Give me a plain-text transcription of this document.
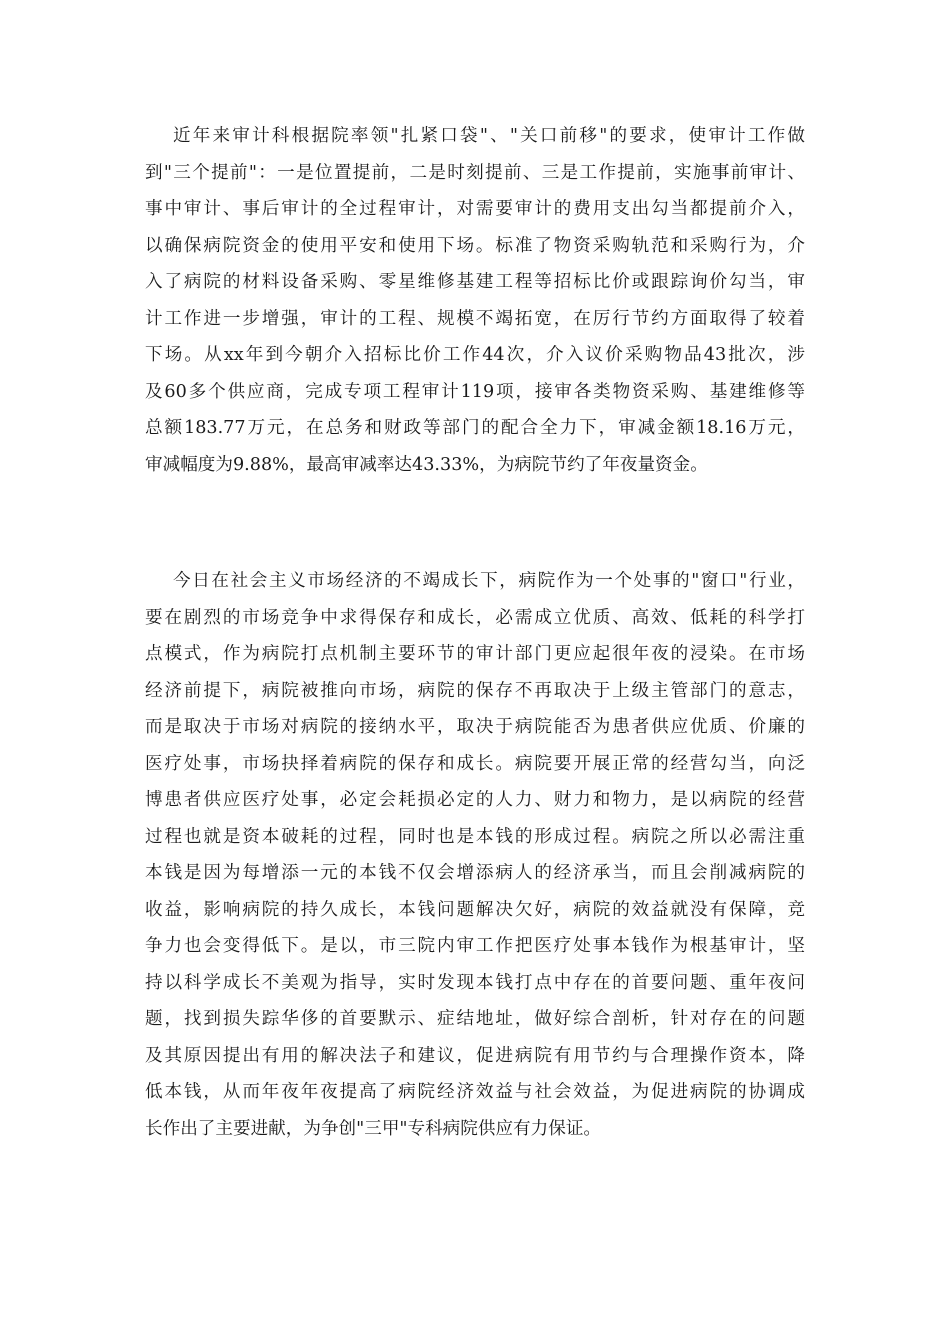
近年来审计科根据院率领"扎紧口袋"、"关口前移"的要求，使审计工作做
到"三个提前"：一是位置提前，二是时刻提前、三是工作提前，实施事前审计、
事中审计、事后审计的全过程审计，对需要审计的费用支出勾当都提前介入，
以确保病院资金的使用平安和使用下场。标准了物资采购轨范和采购行为，介
入了病院的材料设备采购、零星维修基建工程等招标比价或跟踪询价勾当，审
计工作进一步增强，审计的工程、规模不竭拓宽，在厉行节约方面取得了较着
下场。从xx年到今朝介入招标比价工作44次，介入议价采购物品43批次，涉
及60多个供应商，完成专项工程审计119项，接审各类物资采购、基建维修等
总额183.77万元，在总务和财政等部门的配合全力下，审减金额18.16万元，
审减幅度为9.88%，最高审减率达43.33%，为病院节约了年夜量资金。
今日在社会主义市场经济的不竭成长下，病院作为一个处事的"窗口"行业，
要在剧烈的市场竞争中求得保存和成长，必需成立优质、高效、低耗的科学打
点模式，作为病院打点机制主要环节的审计部门更应起很年夜的浸染。在市场
经济前提下，病院被推向市场，病院的保存不再取决于上级主管部门的意志，
而是取决于市场对病院的接纳水平，取决于病院能否为患者供应优质、价廉的
医疗处事，市场抉择着病院的保存和成长。病院要开展正常的经营勾当，向泛
博患者供应医疗处事，必定会耗损必定的人力、财力和物力，是以病院的经营
过程也就是资本破耗的过程，同时也是本钱的形成过程。病院之所以必需注重
本钱是因为每增添一元的本钱不仅会增添病人的经济承当，而且会削减病院的
收益，影响病院的持久成长，本钱问题解决欠好，病院的效益就没有保障，竞
争力也会变得低下。是以，市三院内审工作把医疗处事本钱作为根基审计，坚
持以科学成长不美观为指导，实时发现本钱打点中存在的首要问题、重年夜问
题，找到损失踪华侈的首要默示、症结地址，做好综合剖析，针对存在的问题
及其原因提出有用的解决法子和建议，促进病院有用节约与合理操作资本，降
低本钱，从而年夜年夜提高了病院经济效益与社会效益，为促进病院的协调成
长作出了主要进献，为争创"三甲"专科病院供应有力保证。
